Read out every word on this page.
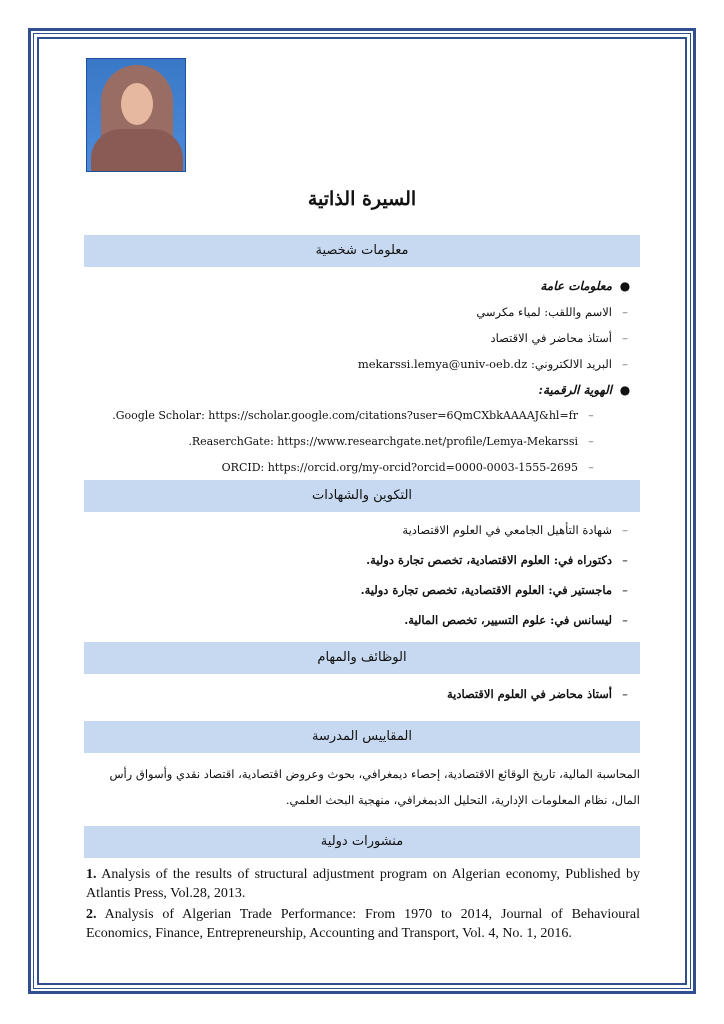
السيرة الذاتية
معلومات شخصية
●معلومات عامة
–الاسم واللقب: لمياء مكرسي
–أستاذ محاضر في الاقتصاد
–البريد الالكتروني: mekarssi.lemya@univ-oeb.dz
●الهوية الرقمية:
–Google Scholar: https://scholar.google.com/citations?user=6QmCXbkAAAAJ&hl=fr.
–ReaserchGate: https://www.researchgate.net/profile/Lemya-Mekarssi.
–ORCID: https://orcid.org/my-orcid?orcid=0000-0003-1555-2695
التكوين والشهادات
–شهادة التأهيل الجامعي في العلوم الاقتصادية
–دكتوراه في: العلوم الاقتصادية، تخصص تجارة دولية.
–ماجستير في: العلوم الاقتصادية، تخصص تجارة دولية.
–ليسانس في: علوم التسيير، تخصص المالية.
الوظائف والمهام
–أستاذ محاضر في العلوم الاقتصادية
المقاييس المدرسة
المحاسبة المالية، تاريخ الوقائع الاقتصادية، إحصاء ديمغرافي، بحوث وعروض اقتصادية، اقتصاد نقدي وأسواق رأس المال، نظام المعلومات الإدارية، التحليل الديمغرافي، منهجية البحث العلمي.
منشورات دولية
1. Analysis of the results of structural adjustment program on Algerian economy, Published by Atlantis Press, Vol.28, 2013.
2. Analysis of Algerian Trade Performance: From 1970 to 2014, Journal of Behavioural Economics, Finance, Entrepreneurship, Accounting and Transport, Vol. 4, No. 1, 2016.
